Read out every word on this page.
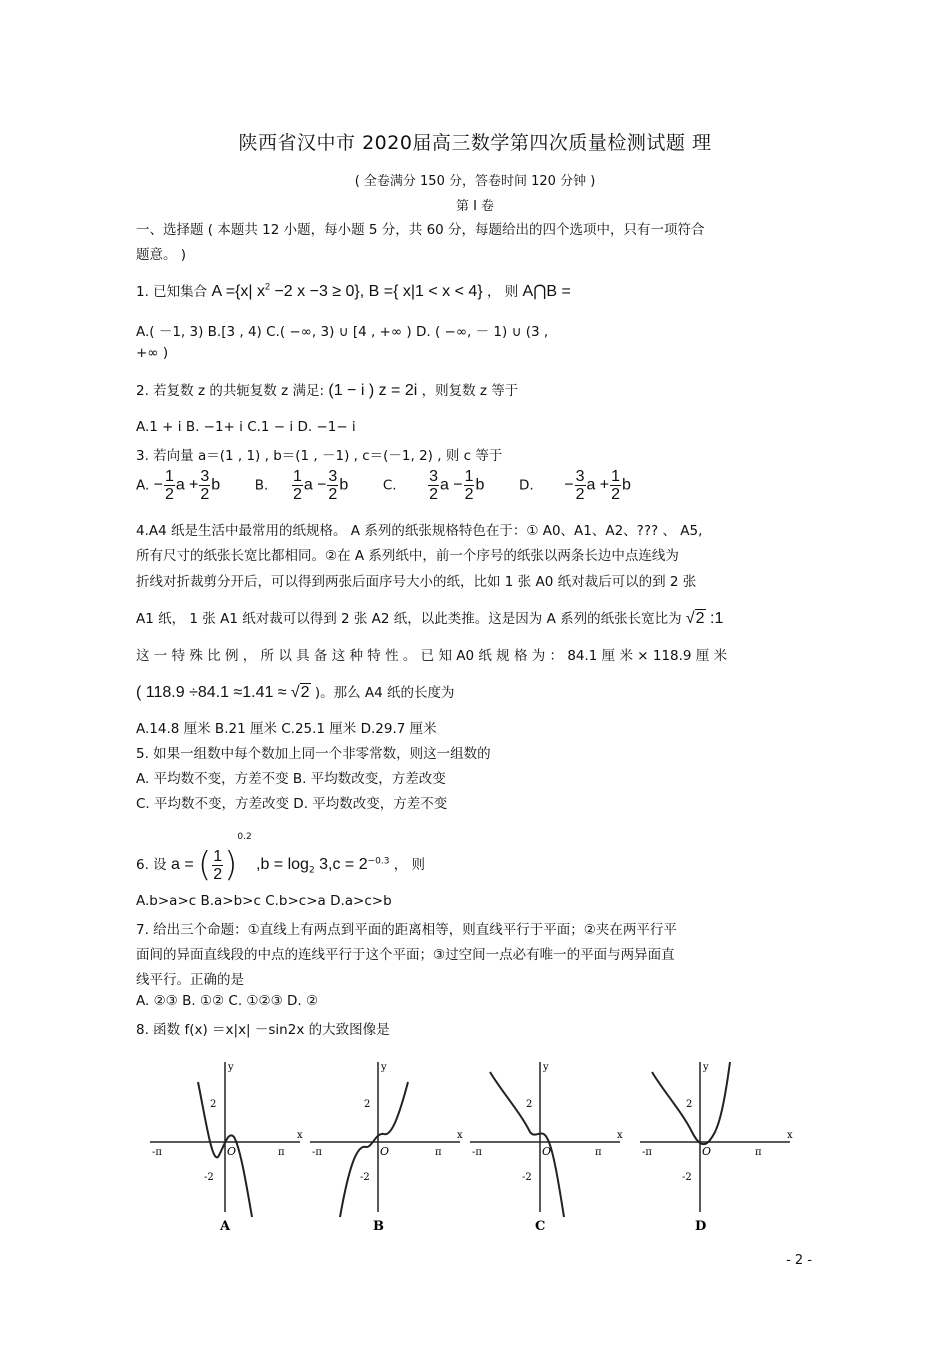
陕西省汉中市 2020届高三数学第四次质量检测试题 理
( 全卷满分 150 分，答卷时间 120 分钟 )
第 I 卷
一、选择题 ( 本题共 12 小题，每小题 5 分，共 60 分，每题给出的四个选项中，只有一项符合
题意。 )
1. 已知集合 A ={x| $x^2 -2$ x −3 ≥ 0}, B ={ x|1 < x < 4} ， 则 A⋂B =
A.( －1, 3) B.[3 , 4) C.( −∞, 3) ∪ [4 , +∞ ) D. ( −∞, － 1) ∪ (3 ,
+∞ )
2. 若复数 z 的共轭复数 z 满足: (1 − i ) z = 2i ，则复数 z 等于
A.1 + i B. −1+ i C.1 − i D. −1− i
3. 若向量 a＝(1 , 1) , b＝(1 , －1) , c＝(－1, 2) , 则 c 等于
A. − $\frac{1}{2}$ $a + \frac{3}{2}$ b	B. $\frac{1}{2}$ $a - \frac{3}{2}$ b	C. $\frac{3}{2}$ $a - \frac{1}{2}$ b	D. − $\frac{3}{2}$ $a + \frac{1}{2}$ b
4.A4 纸是生活中最常用的纸规格。 A 系列的纸张规格特色在于：① A0、A1、A2、??? 、 A5,
所有尺寸的纸张长宽比都相同。②在 A 系列纸中，前一个序号的纸张以两条长边中点连线为
折线对折裁剪分开后，可以得到两张后面序号大小的纸，比如 1 张 A0 纸对裁后可以的到 2 张
A1 纸， 1 张 A1 纸对裁可以得到 2 张 A2 纸，以此类推。这是因为 A 系列的纸张长宽比为 √2 :1
这 一 特 殊 比 例 ， 所 以 具 备 这 种 特 性 。 已 知 A0 纸 规 格 为 ： 84.1 厘 米 × 118.9 厘 米
( 118.9 ÷84.1 ≈1.41 ≈ √2 )。那么 A4 纸的长度为
A.14.8 厘米 B.21 厘米 C.25.1 厘米 D.29.7 厘米
5. 如果一组数中每个数加上同一个非零常数，则这一组数的
A. 平均数不变，方差不变 B. 平均数改变，方差改变
C. 平均数不变，方差改变 D. 平均数改变，方差不变
6. 设 a = ( $\frac{1}{2} )^{0.2}$ $,b = \log_2 3,c = 2^{-0.3}$ ， 则
A.b>a>c B.a>b>c C.b>c>a D.a>c>b
7. 给出三个命题：①直线上有两点到平面的距离相等，则直线平行于平面；②夹在两平行平
面间的异面直线段的中点的连线平行于这个平面；③过空间一点必有唯一的平面与两异面直
线平行。正确的是
A. ②③ B. ①② C. ①②③ D. ②
8. 函数 f(x) ＝x|x| －sin2x 的大致图像是
y
x
O
2
-2
-π	π
A
y
x
O
2
-2
-π	π
B
y
x
O
2
-2
-π	π
C
y
x
O
2
-2
-π	π
D
- 2 -
